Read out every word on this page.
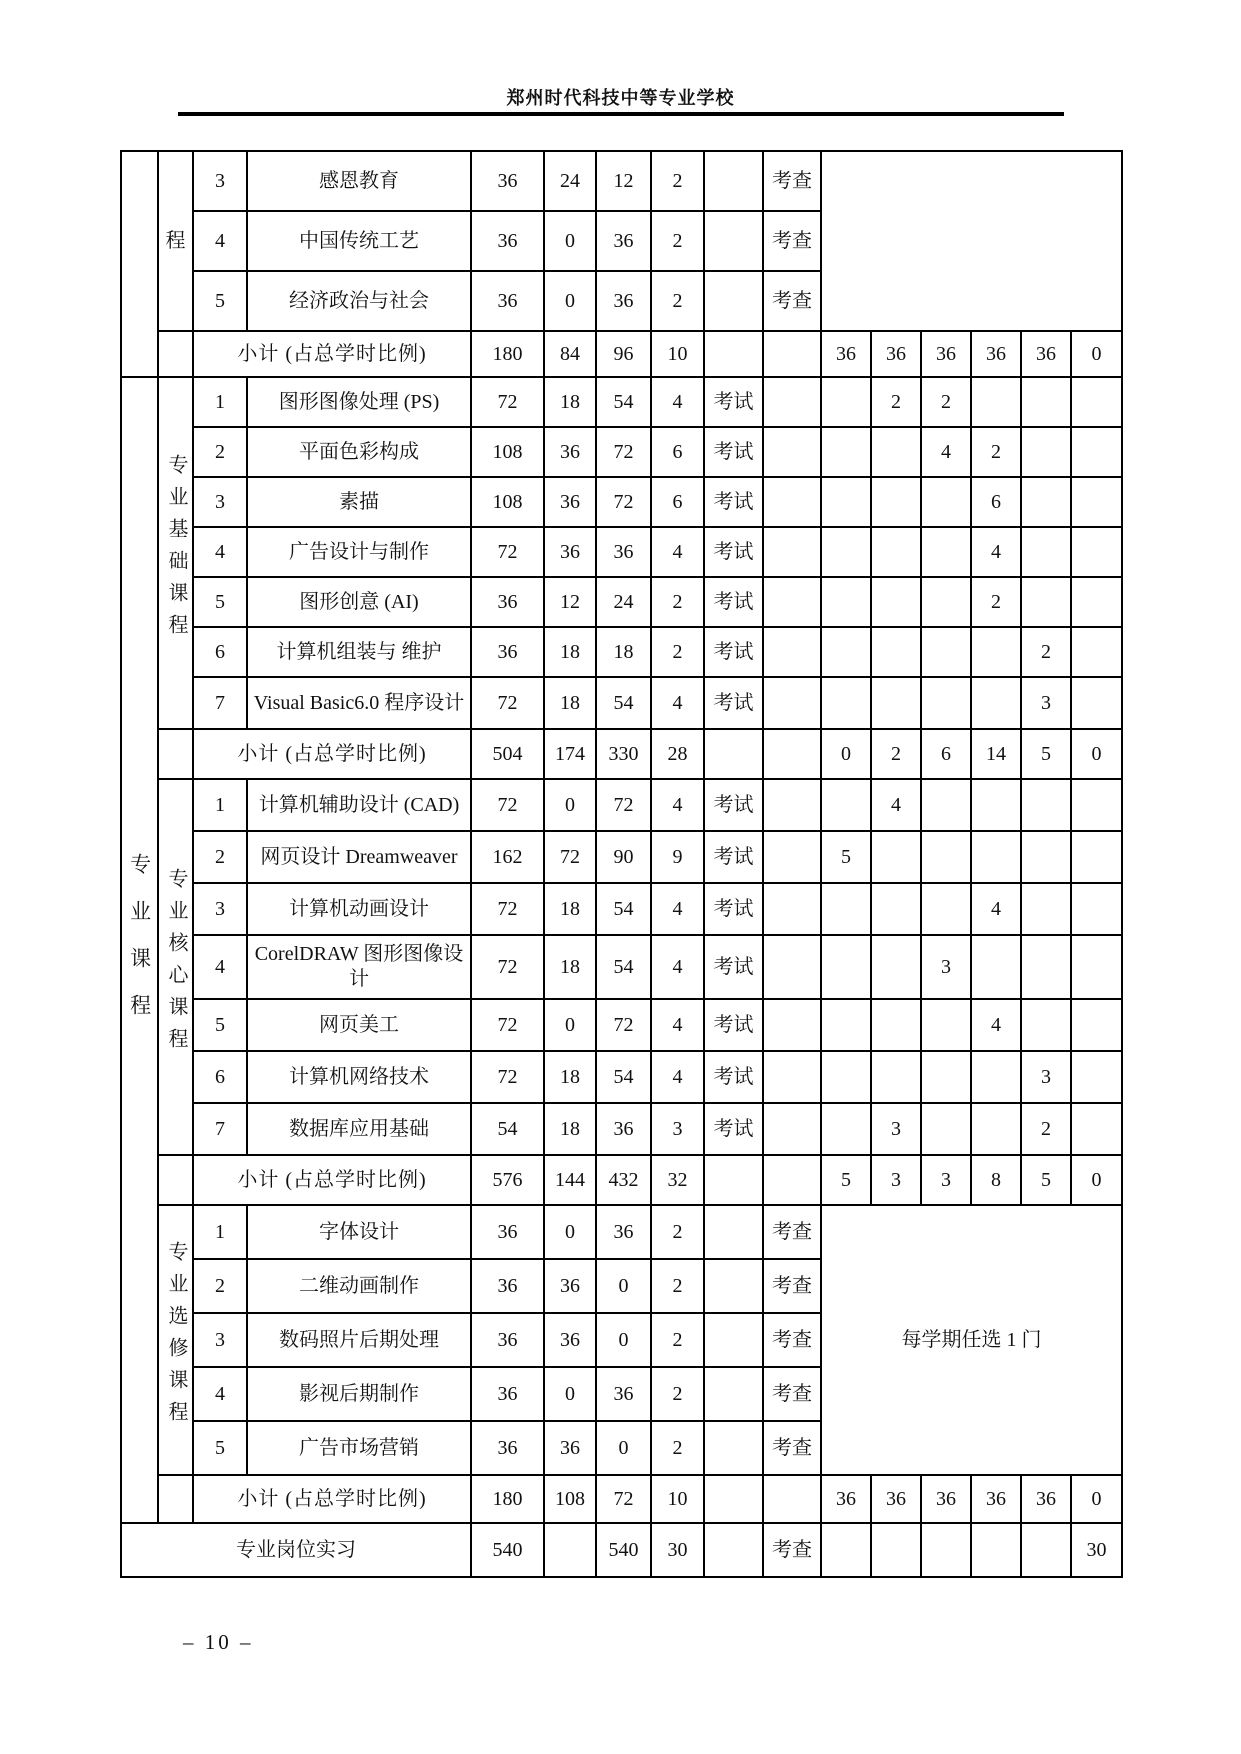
郑州时代科技中等专业学校
	程	3	感恩教育	36	24	12	2		考查						
		4	中国传统工艺	36	0	36	2		考查						
		5	经济政治与社会	36	0	36	2		考查						
		小计 (占总学时比例)		180	84	96	10			36	36	36	36	36	0
专业课程	专业基础课程	1	图形图像处理 (PS)	72	18	54	4	考试			2	2			
		2	平面色彩构成	108	36	72	6	考试				4	2		
		3	素描	108	36	72	6	考试					6		
		4	广告设计与制作	72	36	36	4	考试					4		
		5	图形创意 (AI)	36	12	24	2	考试					2		
		6	计算机组装与 维护	36	18	18	2	考试						2	
		7	Visual Basic6.0 程序设计	72	18	54	4	考试						3	
		小计 (占总学时比例)		504	174	330	28			0	2	6	14	5	0
	专业核心课程	1	计算机辅助设计 (CAD)	72	0	72	4	考试			4				
		2	网页设计 Dreamweaver	162	72	90	9	考试		5					
		3	计算机动画设计	72	18	54	4	考试					4		
		4	CorelDRAW 图形图像设计	72	18	54	4	考试				3			
		5	网页美工	72	0	72	4	考试					4		
		6	计算机网络技术	72	18	54	4	考试						3	
		7	数据库应用基础	54	18	36	3	考试			3			2	
		小计 (占总学时比例)		576	144	432	32			5	3	3	8	5	0
	专业选修课程	1	字体设计	36	0	36	2		考查	每学期任选 1 门					
		2	二维动画制作	36	36	0	2		考查						
		3	数码照片后期处理	36	36	0	2		考查						
		4	影视后期制作	36	0	36	2		考查						
		5	广告市场营销	36	36	0	2		考查						
		小计 (占总学时比例)		180	108	72	10			36	36	36	36	36	0
专业岗位实习				540		540	30		考查						30
– 10 –
